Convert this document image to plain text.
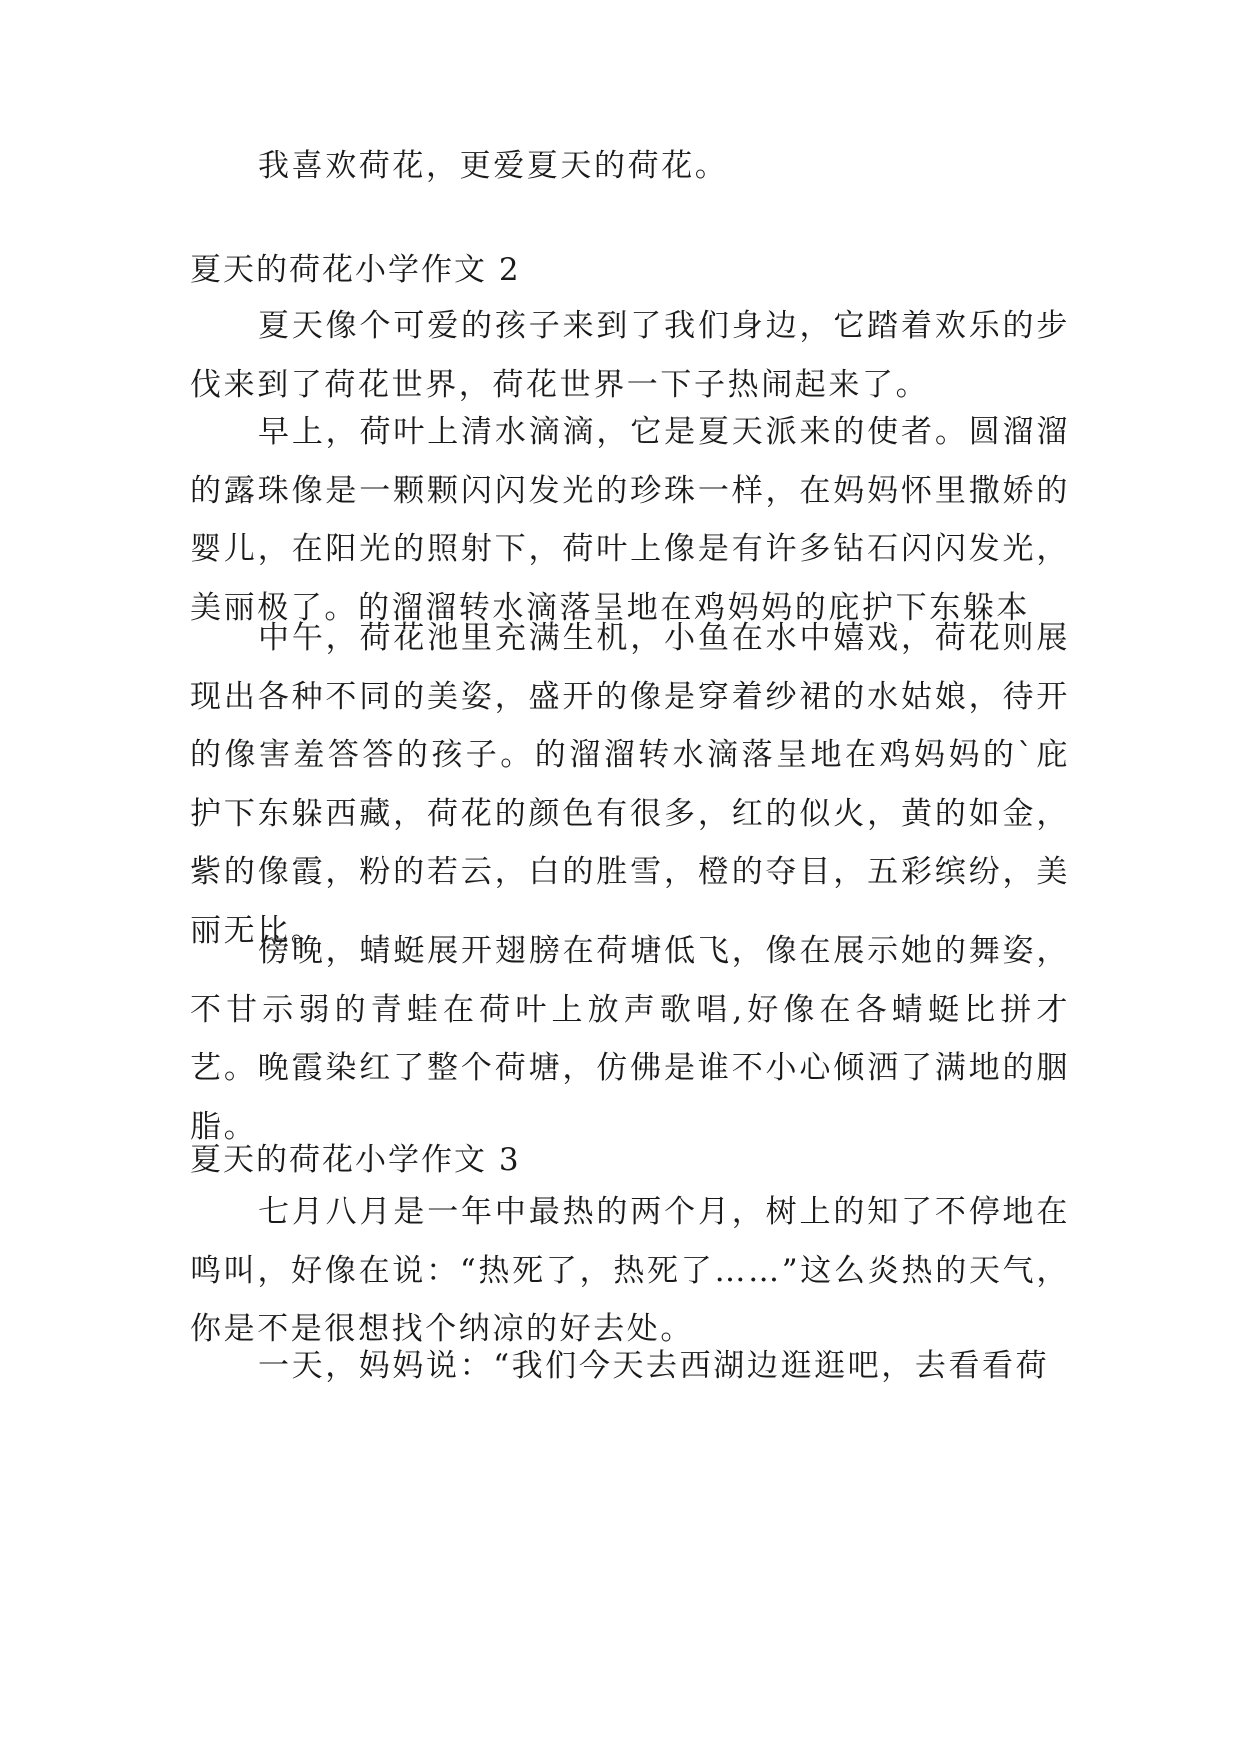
我喜欢荷花，更爱夏天的荷花。

夏天的荷花小学作文 2

夏天像个可爱的孩子来到了我们身边，它踏着欢乐的步伐来到了荷花世界，荷花世界一下子热闹起来了。

早上，荷叶上清水滴滴，它是夏天派来的使者。圆溜溜的露珠像是一颗颗闪闪发光的珍珠一样，在妈妈怀里撒娇的婴儿，在阳光的照射下，荷叶上像是有许多钻石闪闪发光，美丽极了。的溜溜转水滴落呈地在鸡妈妈的庇护下东躲本

中午，荷花池里充满生机，小鱼在水中嬉戏，荷花则展现出各种不同的美姿，盛开的像是穿着纱裙的水姑娘，待开的像害羞答答的孩子。的溜溜转水滴落呈地在鸡妈妈的`庇护下东躲西藏，荷花的颜色有很多，红的似火，黄的如金，紫的像霞，粉的若云，白的胜雪，橙的夺目，五彩缤纷，美丽无比。

傍晚，蜻蜓展开翅膀在荷塘低飞，像在展示她的舞姿，不甘示弱的青蛙在荷叶上放声歌唱,好像在各蜻蜓比拼才艺。晚霞染红了整个荷塘，仿佛是谁不小心倾洒了满地的胭脂。

夏天的荷花小学作文 3

七月八月是一年中最热的两个月，树上的知了不停地在鸣叫，好像在说：“热死了，热死了……”这么炎热的天气，你是不是很想找个纳凉的好去处。

一天，妈妈说：“我们今天去西湖边逛逛吧，去看看荷
